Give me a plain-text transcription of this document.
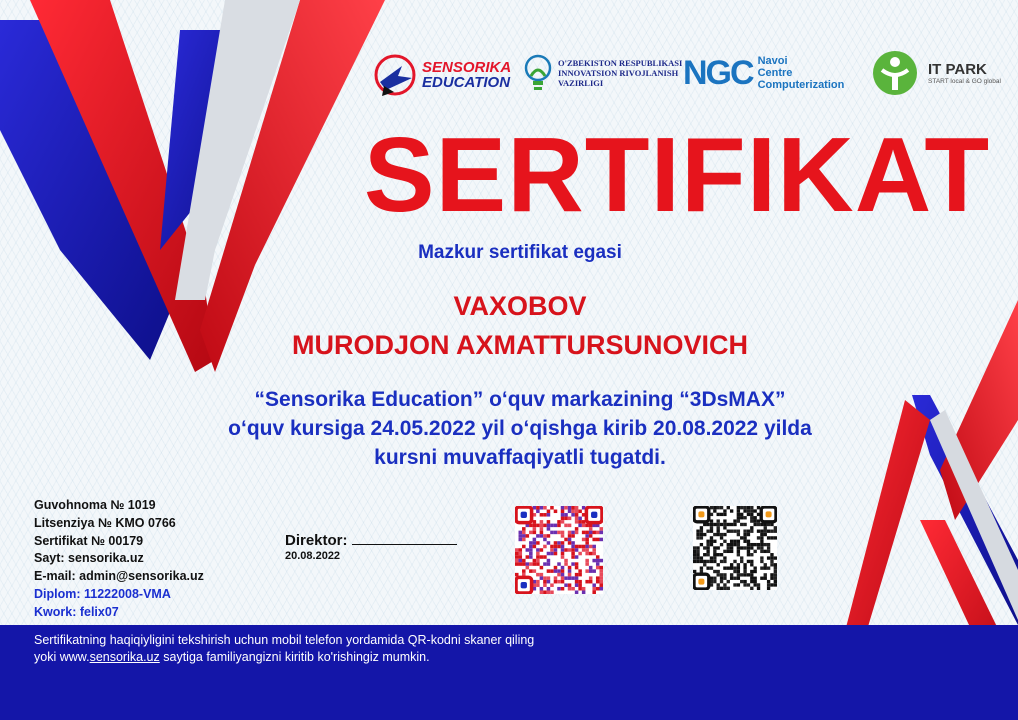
SENSORIKA
EDUCATION
O'ZBEKISTON RESPUBLIKASI
INNOVATSION RIVOJLANISH
VAZIRLIGI	NGC Navoi
Centre
Computerization
IT PARK
START local & GO global
SERTIFIKAT
Mazkur sertifikat egasi
VAXOBOV
MURODJON AXMATTURSUNOVICH
“Sensorika Education” o‘quv markazining “3DsMAX”
o‘quv kursiga 24.05.2022 yil o‘qishga kirib 20.08.2022 yilda
kursni muvaffaqiyatli tugatdi.
Guvohnoma № 1019
Litsenziya № KMO 0766
Sertifikat № 00179
Sayt: sensorika.uz
E-mail: admin@sensorika.uz
Diplom: 11222008-VMA
Kwork: felix07
Direktor:
20.08.2022
Sertifikatning haqiqiyligini tekshirish uchun mobil telefon yordamida QR-kodni skaner qiling
yoki www.sensorika.uz saytiga familiyangizni kiritib ko'rishingiz mumkin.
